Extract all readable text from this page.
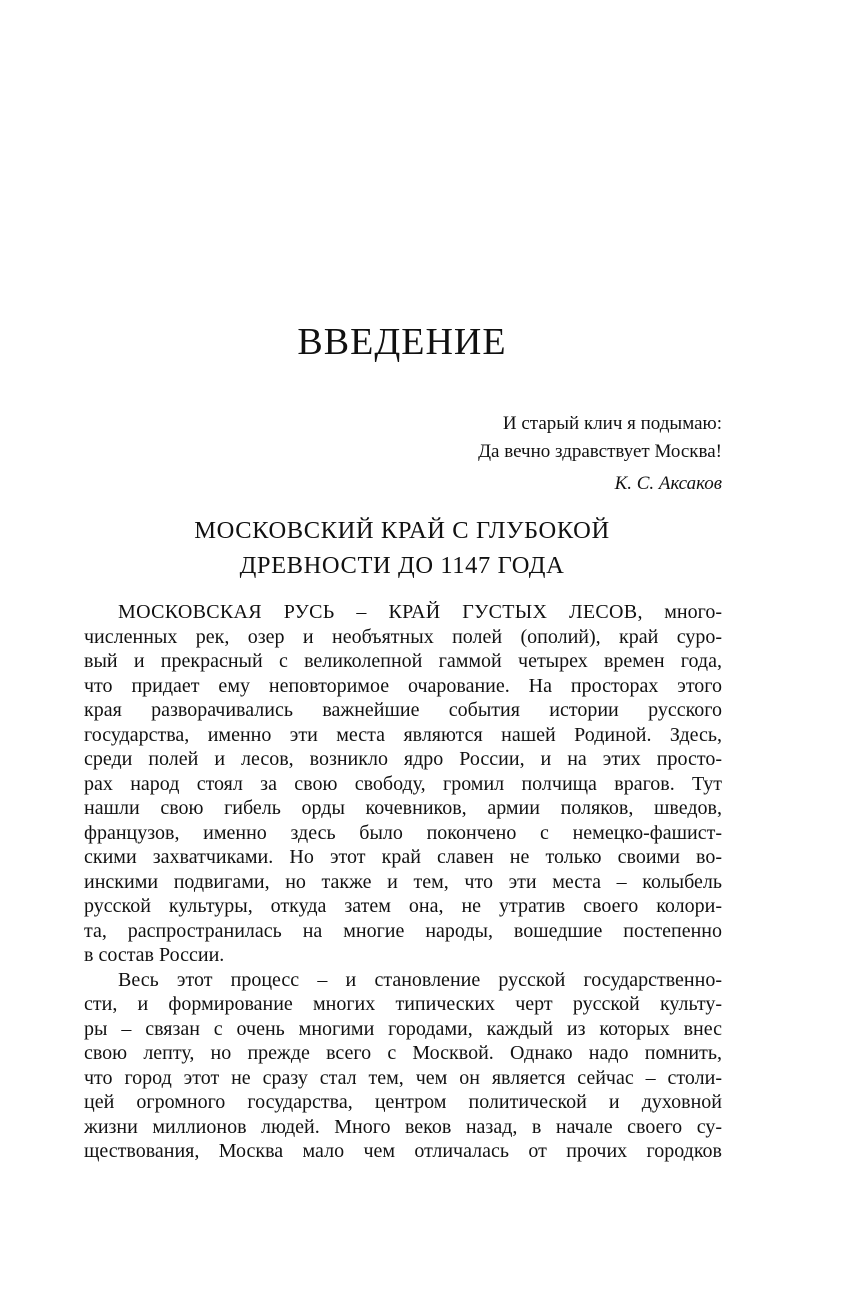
ВВЕДЕНИЕ
И старый клич я подымаю:
Да вечно здравствует Москва!
К. С. Аксаков
МОСКОВСКИЙ КРАЙ С ГЛУБОКОЙ
ДРЕВНОСТИ ДО 1147 ГОДА
МОСКОВСКАЯ РУСЬ – КРАЙ ГУСТЫХ ЛЕСОВ, много-
численных рек, озер и необъятных полей (ополий), край суро-
вый и прекрасный с великолепной гаммой четырех времен года,
что придает ему неповторимое очарование. На просторах этого
края разворачивались важнейшие события истории русского
государства, именно эти места являются нашей Родиной. Здесь,
среди полей и лесов, возникло ядро России, и на этих просто-
рах народ стоял за свою свободу, громил полчища врагов. Тут
нашли свою гибель орды кочевников, армии поляков, шведов,
французов, именно здесь было покончено с немецко-фашист-
скими захватчиками. Но этот край славен не только своими во-
инскими подвигами, но также и тем, что эти места – колыбель
русской культуры, откуда затем она, не утратив своего колори-
та, распространилась на многие народы, вошедшие постепенно
в состав России.
Весь этот процесс – и становление русской государственно-
сти, и формирование многих типических черт русской культу-
ры – связан с очень многими городами, каждый из которых внес
свою лепту, но прежде всего с Москвой. Однако надо помнить,
что город этот не сразу стал тем, чем он является сейчас – столи-
цей огромного государства, центром политической и духовной
жизни миллионов людей. Много веков назад, в начале своего су-
ществования, Москва мало чем отличалась от прочих городков
